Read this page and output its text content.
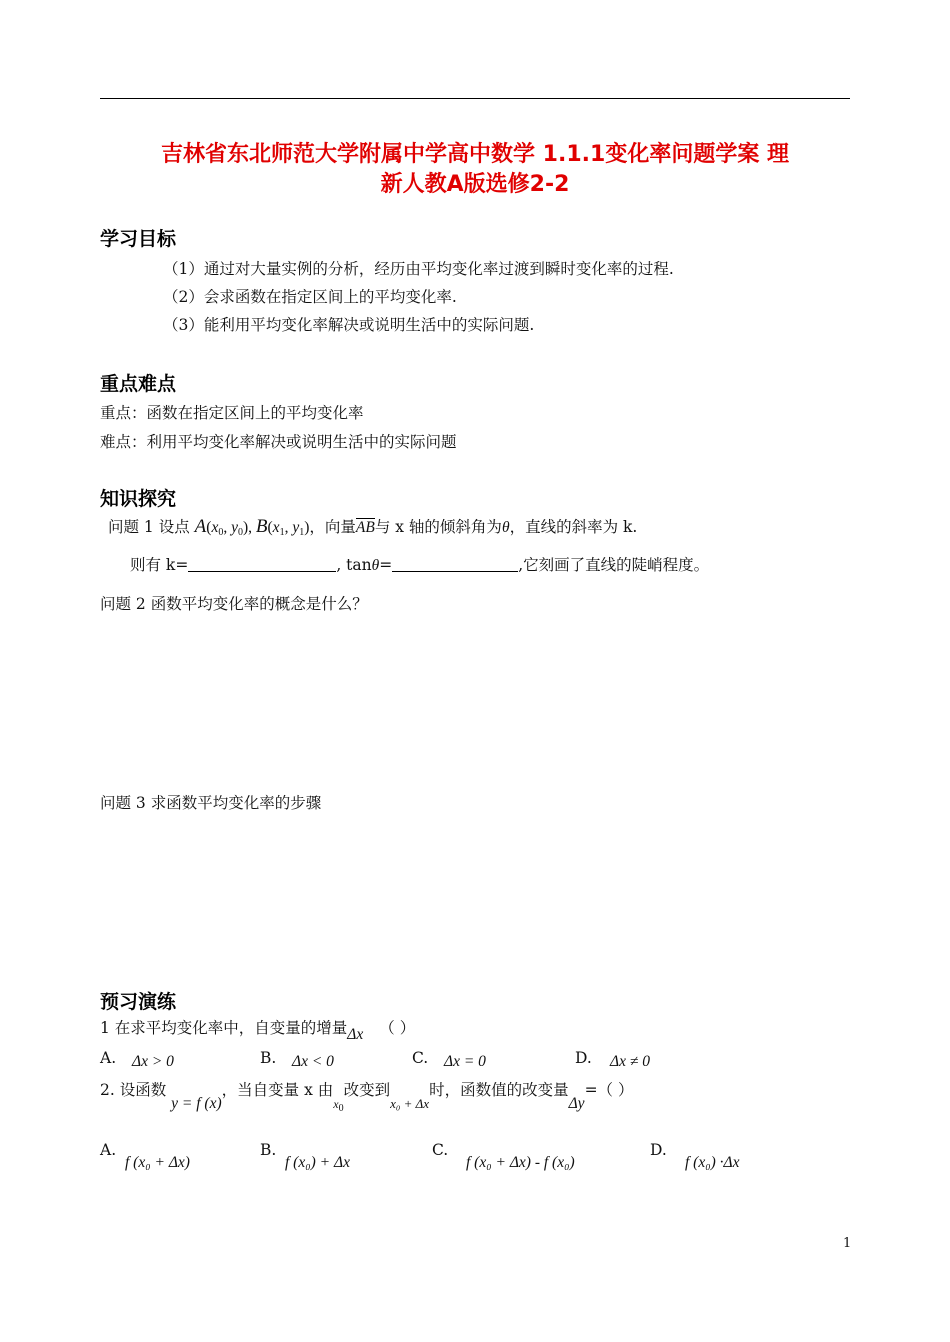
吉林省东北师范大学附属中学高中数学 1.1.1变化率问题学案 理
新人教A版选修2-2
学习目标
（1）通过对大量实例的分析，经历由平均变化率过渡到瞬时变化率的过程.
（2）会求函数在指定区间上的平均变化率.
（3）能利用平均变化率解决或说明生活中的实际问题.
重点难点
重点：函数在指定区间上的平均变化率
难点：利用平均变化率解决或说明生活中的实际问题
知识探究
问题 1 设点 $A(x_0$, $y_0$), $B(x_1$, $y_1$)，向量AB与 x 轴的倾斜角为θ，直线的斜率为 k.
则有 k=	, tanθ=	,它刻画了直线的陡峭程度。
问题 2 函数平均变化率的概念是什么？
问题 3 求函数平均变化率的步骤
预习演练
1 在求平均变化率中，自变量的增量Δx （ ）
A. Δx > 0	B. Δx < 0	C. Δx = 0	D. Δx ≠ 0
2. 设函数 y = f (x)，当自变量 x 由$_{x_0}$改变到$_{x_0 + \Delta x}$时，函数值的改变量Δy=（ ）
A.
f (x₀ + Δx)
B.
f (x₀) + Δx
C.
f (x₀ + Δx) - f (x₀)
D.
f (x₀) ·Δx
1
